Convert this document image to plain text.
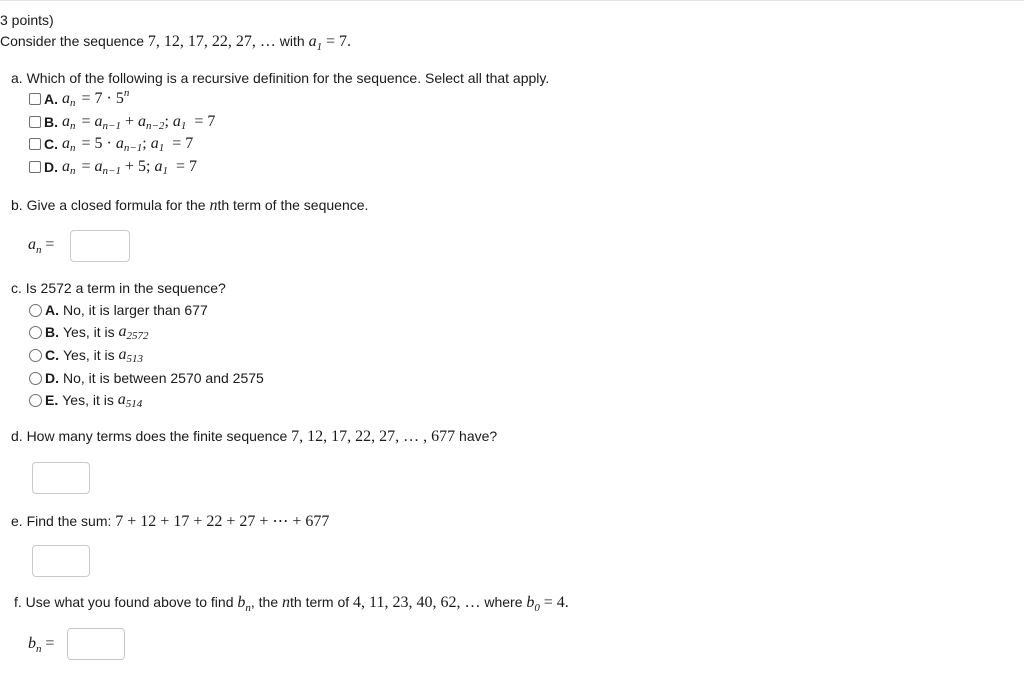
3 points)
Consider the sequence 7, 12, 17, 22, 27, … with $a_1 = 7$.
a. Which of the following is a recursive definition for the sequence. Select all that apply.
A. a n = 7 · 5 n
B. a n = a n−1 + a n−2 ; a 1 = 7
C. a n = 5 · a n−1 ; a 1 = 7
D. a n = a n−1 + 5; a 1 = 7
b. Give a closed formula for the nth term of the sequence.
$a_n$ =
c. Is 2572 a term in the sequence?
A. No, it is larger than 677
B. Yes, it is
a 2572
C. Yes, it is
a 513
D. No, it is between 2570 and 2575
E. Yes, it is
a 514
d. How many terms does the finite sequence 7, 12, 17, 22, 27, … , 677 have?
e. Find the sum: 7 + 12 + 17 + 22 + 27 + ⋯ + 677
f. Use what you found above to find $b_n$, the nth term of 4, 11, 23, 40, 62, … where $b_0 = 4$.
$b_n$ =
